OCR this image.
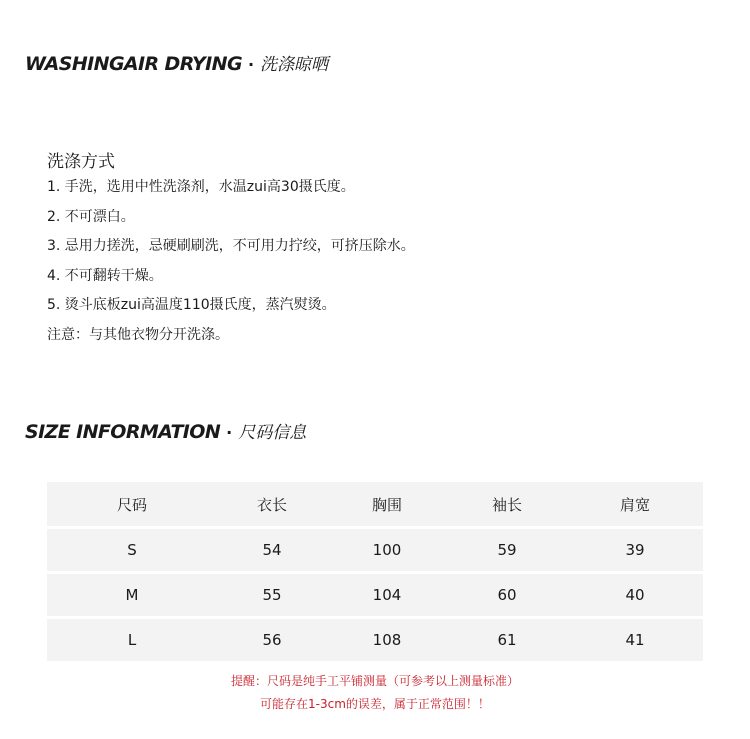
WASHINGAIR DRYING · 洗涤晾晒
洗涤方式
1. 手洗，选用中性洗涤剂，水温zui高30摄氏度。
2. 不可漂白。
3. 忌用力搓洗，忌硬刷刷洗，不可用力拧绞，可挤压除水。
4. 不可翻转干燥。
5. 烫斗底板zui高温度110摄氏度，蒸汽熨烫。
注意：与其他衣物分开洗涤。
SIZE INFORMATION · 尺码信息
尺码	衣长	胸围	袖长	肩宽
S	54	100	59	39
M	55	104	60	40
L	56	108	61	41
提醒：尺码是纯手工平铺测量（可参考以上测量标准）
可能存在1-3cm的误差，属于正常范围！！
